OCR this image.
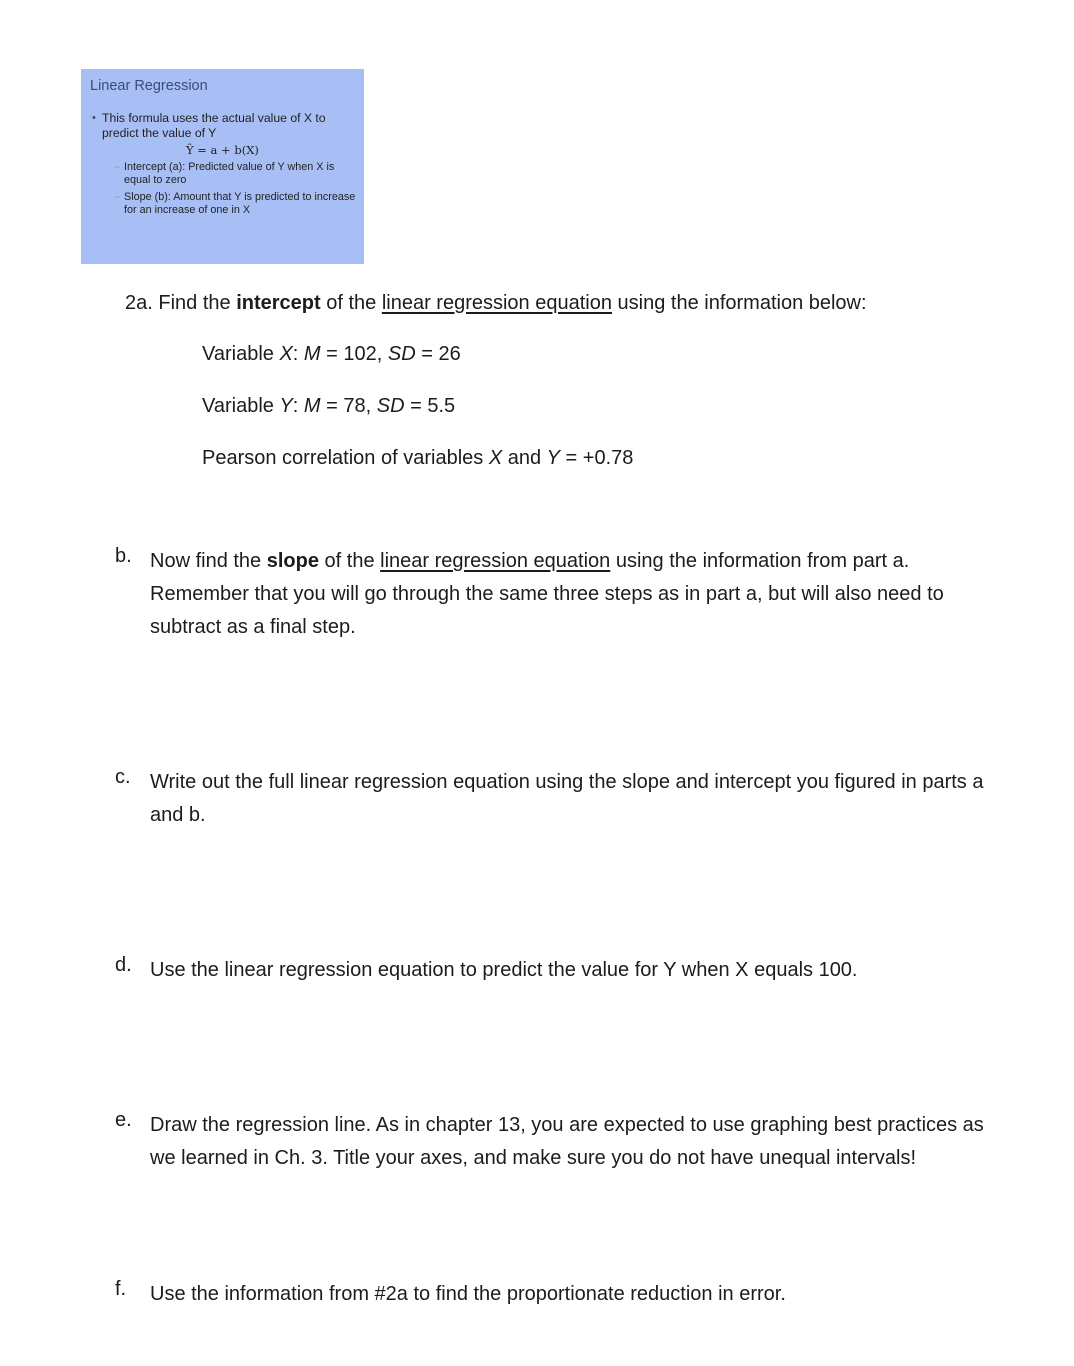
Linear Regression
• This formula uses the actual value of X to predict the value of Y
Ŷ = a + b(X)
– Intercept (a): Predicted value of Y when X is equal to zero
– Slope (b): Amount that Y is predicted to increase for an increase of one in X
2a. Find the intercept of the linear regression equation using the information below:
Variable X: M = 102, SD = 26
Variable Y: M = 78, SD = 5.5
Pearson correlation of variables X and Y = +0.78
b. Now find the slope of the linear regression equation using the information from part a. Remember that you will go through the same three steps as in part a, but will also need to subtract as a final step.
c. Write out the full linear regression equation using the slope and intercept you figured in parts a and b.
d. Use the linear regression equation to predict the value for Y when X equals 100.
e. Draw the regression line. As in chapter 13, you are expected to use graphing best practices as we learned in Ch. 3. Title your axes, and make sure you do not have unequal intervals!
f. Use the information from #2a to find the proportionate reduction in error.
